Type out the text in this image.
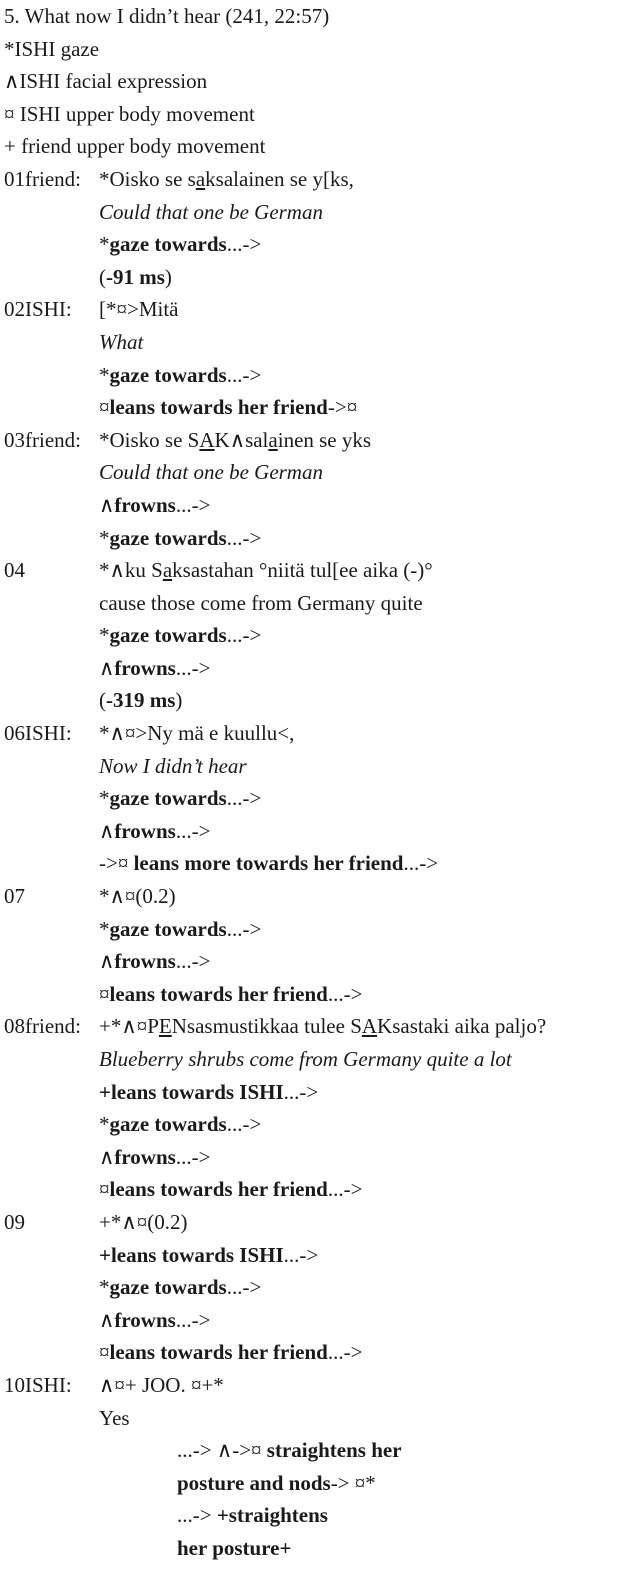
5. What now I didn’t hear (241, 22:57)
*ISHI gaze
∧ISHI facial expression
¤ ISHI upper body movement
+ friend upper body movement
01friend: *Oisko se saksalainen se y[ks,
Could that one be German
*gaze towards...->
(-91 ms)
02ISHI: [*¤>Mitä
What
*gaze towards...->
¤leans towards her friend->¤
03friend: *Oisko se SAK∧salainen se yks
Could that one be German
∧frowns...->
*gaze towards...->
04	*∧ku Saksastahan °niitä tul[ee aika (-)°
cause those come from Germany quite
*gaze towards...->
∧frowns...->
(-319 ms)
06ISHI: *∧¤>Ny mä e kuullu<,
Now I didn’t hear
*gaze towards...->
∧frowns...->
->¤ leans more towards her friend...->
07	*∧¤(0.2)
*gaze towards...->
∧frowns...->
¤leans towards her friend...->
08friend: +*∧¤PENsasmustikkaa tulee SAKsastaki aika paljo?
Blueberry shrubs come from Germany quite a lot
+leans towards ISHI...->
*gaze towards...->
∧frowns...->
¤leans towards her friend...->
09	+*∧¤(0.2)
+leans towards ISHI...->
*gaze towards...->
∧frowns...->
¤leans towards her friend...->
10ISHI: ∧¤+ JOO. ¤+*
Yes
...-> ∧->¤ straightens her
posture and nods-> ¤*
...-> +straightens
her posture+
